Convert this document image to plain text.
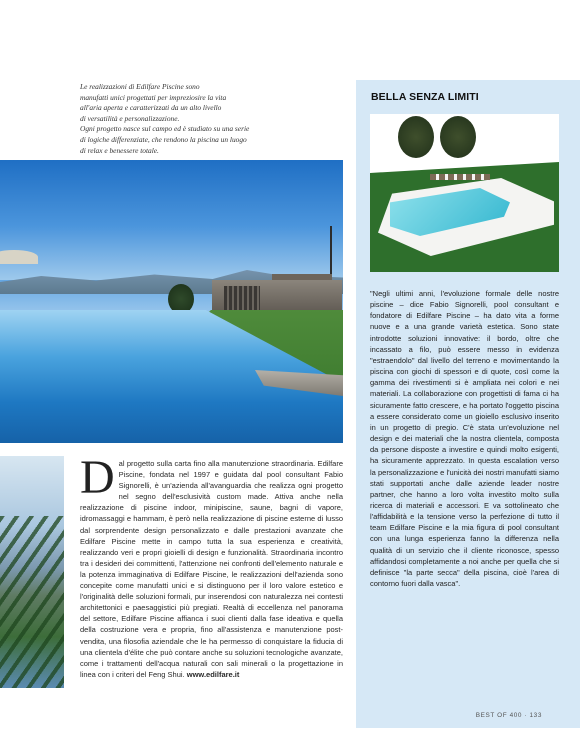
Le realizzazioni di Edilfare Piscine sono

manufatti unici progettati per impreziosire la vita

all'aria aperta e caratterizzati da un alto livello

di versatilità e personalizzazione.

Ogni progetto nasce sul campo ed è studiato su una serie

di logiche differenziate, che rendono la piscina un luogo

di relax e benessere totale.

Dal progetto sulla carta fino alla manutenzione straordinaria. Edilfare Piscine, fondata nel 1997 e guidata dal pool consultant Fabio Signorelli, è un'azienda all'avanguardia che realizza ogni progetto nel segno dell'esclusività custom made. Attiva anche nella realizzazione di piscine indoor, minipiscine, saune, bagni di vapore, idromassaggi e hammam, è però nella realizzazione di piscine esterne di lusso dal sorprendente design personalizzato e dalle prestazioni avanzate che Edilfare Piscine mette in campo tutta la sua esperienza e creatività, realizzando veri e propri gioielli di design e funzionalità. Straordinaria incontro tra i desideri dei committenti, l'attenzione nei confronti dell'elemento naturale e la potenza immaginativa di Edilfare Piscine, le realizzazioni dell'azienda sono concepite come manufatti unici e si distinguono per il loro valore estetico e l'originalità delle soluzioni formali, pur inserendosi con naturalezza nei contesti architettonici e paesaggistici più pregiati. Realtà di eccellenza nel panorama del settore, Edilfare Piscine affianca i suoi clienti dalla fase ideativa e quella della costruzione vera e propria, fino all'assistenza e manutenzione post-vendita, una filosofia aziendale che le ha permesso di conquistare la fiducia di una clientela d'élite che può contare anche su soluzioni tecnologiche avanzate, come i trattamenti dell'acqua naturali con sali minerali o la progettazione in linea con i criteri del Feng Shui. www.edilfare.it
BELLA SENZA LIMITI
"Negli ultimi anni, l'evoluzione formale delle nostre piscine – dice Fabio Signorelli, pool consultant e fondatore di Edilfare Piscine – ha dato vita a forme nuove e a una grande varietà estetica. Sono state introdotte soluzioni innovative: il bordo, oltre che incassato a filo, può essere messo in evidenza "estraendolo" dal livello del terreno e movimentando la piscina con giochi di spessori e di quote, così come la gamma dei rivestimenti si è ampliata nei colori e nei materiali. La collaborazione con progettisti di fama ci ha sicuramente fatto crescere, e ha portato l'oggetto piscina a essere considerato come un gioiello esclusivo inserito in un progetto di pregio. C'è stata un'evoluzione nel design e dei materiali che la nostra clientela, composta da persone disposte a investire e quindi molto esigenti, ha sicuramente apprezzato. In questa escalation verso la personalizzazione e l'unicità dei nostri manufatti siamo stati supportati anche dalle aziende leader nostre partner, che hanno a loro volta investito molto sulla ricerca di materiali e accessori. E va sottolineato che l'affidabilità e la tensione verso la perfezione di tutto il team Edilfare Piscine e la mia figura di pool consultant con una lunga esperienza fanno la differenza nella qualità di un servizio che il cliente riconosce, spesso affidandosi completamente a noi anche per quella che si definisce "la parte secca" della piscina, cioè l'area di contorno fuori dalla vasca".
BEST OF 400 · 133
